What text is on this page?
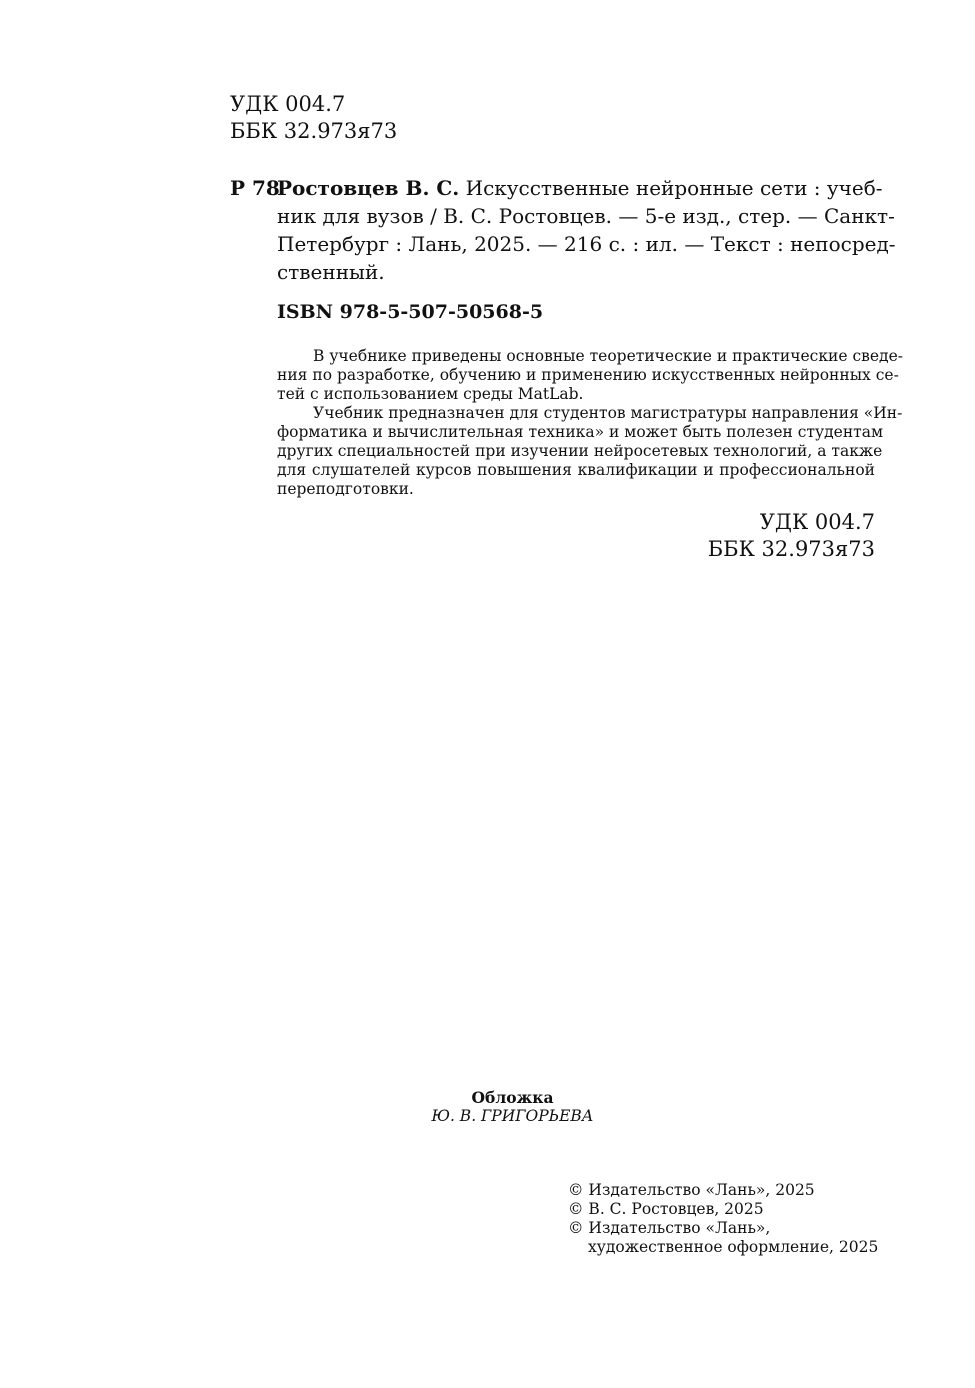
УДК 004.7
ББК 32.973я73
Р 78
Ростовцев В. С. Искусственные нейронные сети : учеб-
ник для вузов / В. С. Ростовцев. — 5-е изд., стер. — Санкт-
Петербург : Лань, 2025. — 216 с. : ил. — Текст : непосред-
ственный.
ISBN 978-5-507-50568-5
В учебнике приведены основные теоретические и практические сведе-
ния по разработке, обучению и применению искусственных нейронных се-
тей с использованием среды MatLab.
Учебник предназначен для студентов магистратуры направления «Ин-
форматика и вычислительная техника» и может быть полезен студентам
других специальностей при изучении нейросетевых технологий, а также
для слушателей курсов повышения квалификации и профессиональной
переподготовки.
УДК 004.7
ББК 32.973я73
Обложка
Ю. В. ГРИГОРЬЕВА
© Издательство «Лань», 2025
© В. С. Ростовцев, 2025
© Издательство «Лань»,
художественное оформление, 2025
